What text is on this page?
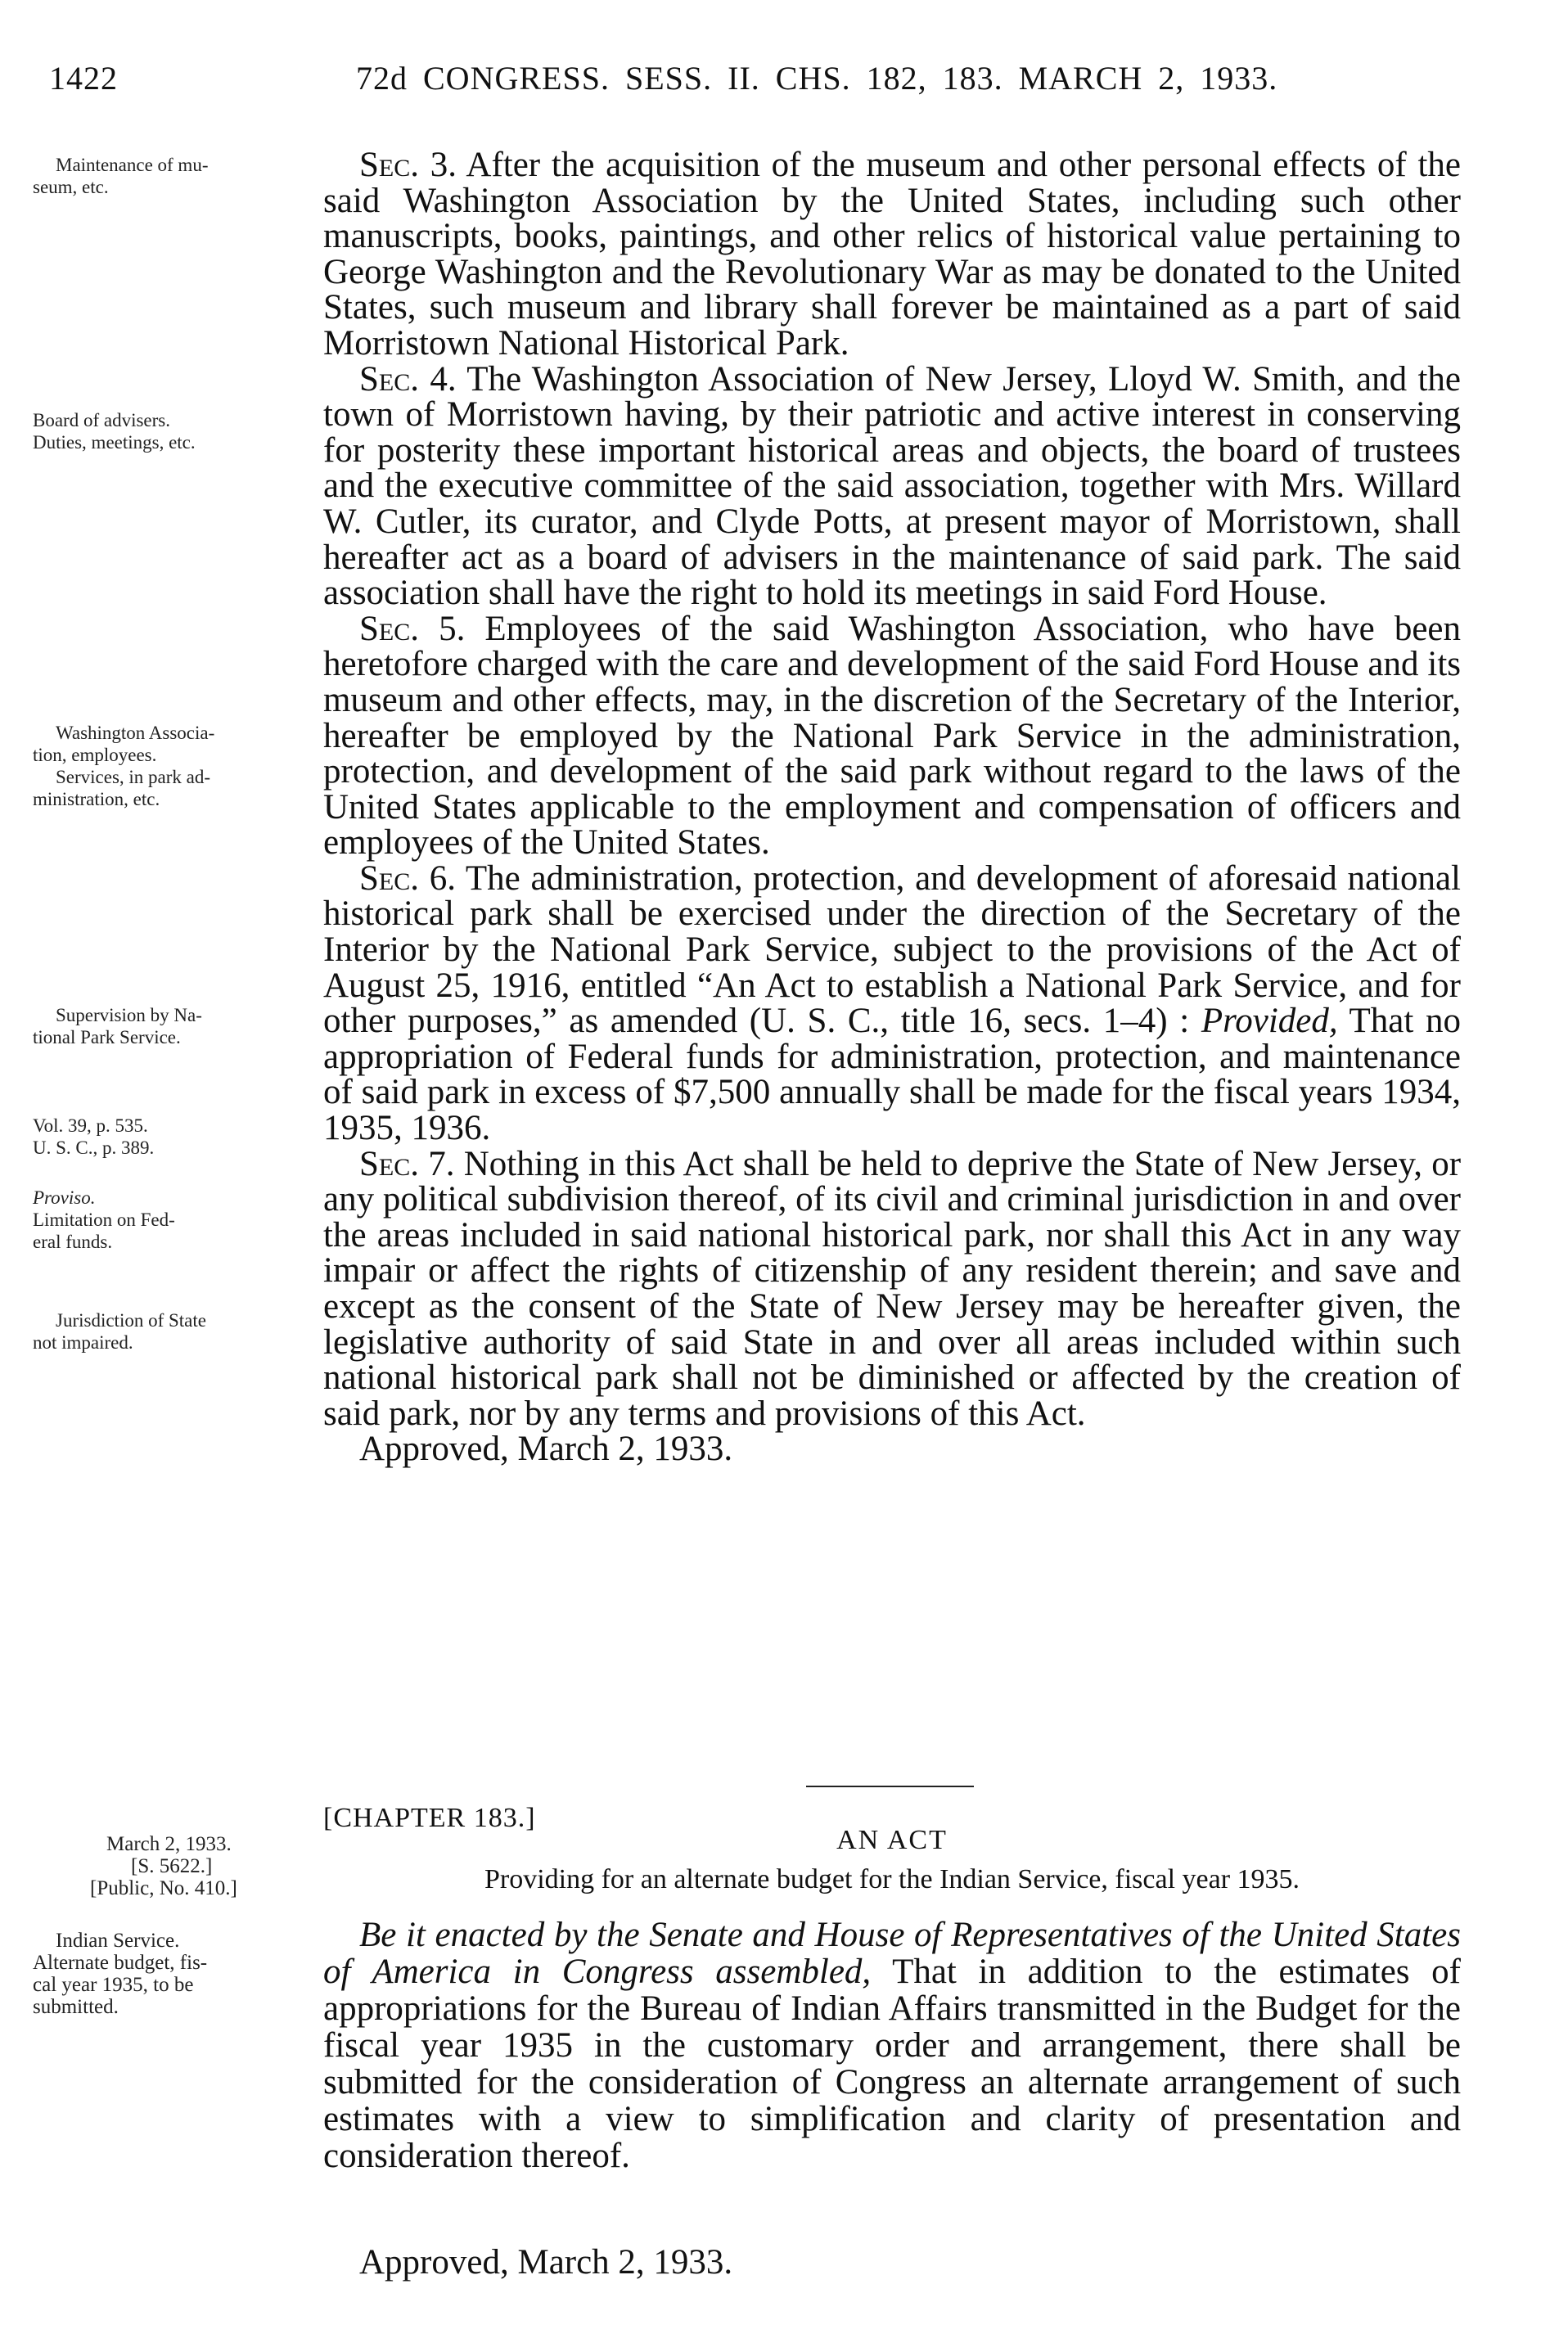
1422	72d CONGRESS. SESS. II. CHS. 182, 183. MARCH 2, 1933.
Maintenance of mu-
seum, etc.
Board of advisers.
Duties, meetings, etc.
Washington Associa-
tion, employees.
Services, in park ad-
ministration, etc.
Supervision by Na-
tional Park Service.
Vol. 39, p. 535.
U. S. C., p. 389.
Proviso.
Limitation on Fed-
eral funds.
Jurisdiction of State
not impaired.
March 2, 1933.
[S. 5622.]
[Public, No. 410.]
Indian Service.
Alternate budget, fis-
cal year 1935, to be
submitted.

Sec. 3. After the acquisition of the museum and other personal effects of the said Washington Association by the United States, including such other manuscripts, books, paintings, and other relics of historical value pertaining to George Washington and the Revolutionary War as may be donated to the United States, such museum and library shall forever be maintained as a part of said Morristown National Historical Park.

Sec. 4. The Washington Association of New Jersey, Lloyd W. Smith, and the town of Morristown having, by their patriotic and active interest in conserving for posterity these important historical areas and objects, the board of trustees and the executive committee of the said association, together with Mrs. Willard W. Cutler, its curator, and Clyde Potts, at present mayor of Morristown, shall hereafter act as a board of advisers in the maintenance of said park. The said association shall have the right to hold its meetings in said Ford House.

Sec. 5. Employees of the said Washington Association, who have been heretofore charged with the care and development of the said Ford House and its museum and other effects, may, in the discretion of the Secretary of the Interior, hereafter be employed by the National Park Service in the administration, protection, and development of the said park without regard to the laws of the United States applicable to the employment and compensation of officers and employees of the United States.

Sec. 6. The administration, protection, and development of aforesaid national historical park shall be exercised under the direction of the Secretary of the Interior by the National Park Service, subject to the provisions of the Act of August 25, 1916, entitled “An Act to establish a National Park Service, and for other purposes,” as amended (U. S. C., title 16, secs. 1–4) : Provided, That no appropriation of Federal funds for administration, protection, and maintenance of said park in excess of $7,500 annually shall be made for the fiscal years 1934, 1935, 1936.

Sec. 7. Nothing in this Act shall be held to deprive the State of New Jersey, or any political subdivision thereof, of its civil and criminal jurisdiction in and over the areas included in said national historical park, nor shall this Act in any way impair or affect the rights of citizenship of any resident therein; and save and except as the consent of the State of New Jersey may be hereafter given, the legislative authority of said State in and over all areas included within such national historical park shall not be diminished or affected by the creation of said park, nor by any terms and provisions of this Act.

Approved, March 2, 1933.

[CHAPTER 183.]
AN ACT
Providing for an alternate budget for the Indian Service, fiscal year 1935.

Be it enacted by the Senate and House of Representatives of the United States of America in Congress assembled, That in addition to the estimates of appropriations for the Bureau of Indian Affairs transmitted in the Budget for the fiscal year 1935 in the customary order and arrangement, there shall be submitted for the consideration of Congress an alternate arrangement of such estimates with a view to simplification and clarity of presentation and consideration thereof.

Approved, March 2, 1933.
